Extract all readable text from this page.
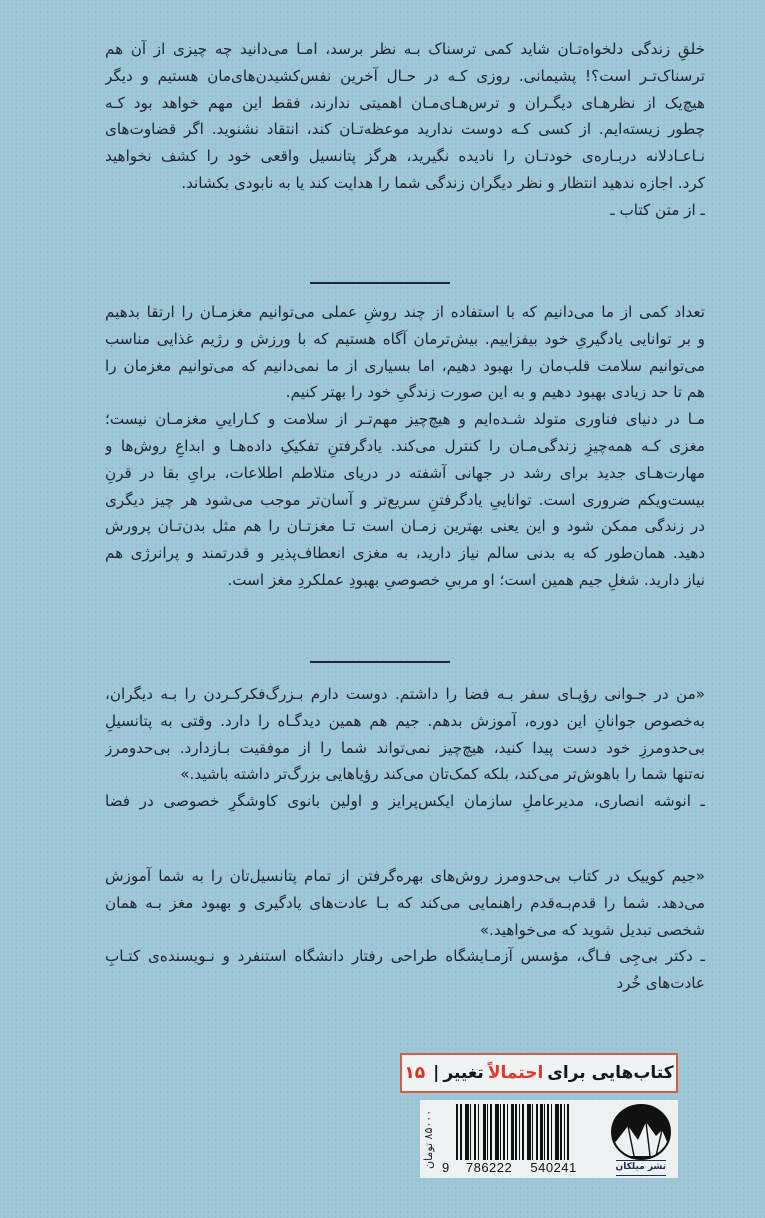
خلقِ زندگی دلخواه‌تـان شاید کمی ترسناک بـه نظر برسد، امـا می‌دانید چه چیزی از آن هم
ترسناک‌تـر است؟! پشیمانی. روزی کـه در حـال آخرین نفس‌کشیدن‌های‌مان هستیم و دیگر
هیچ‌یک از نظرهـای دیگـران و ترس‌هـای‌مـان اهمیتی ندارند، فقط این مهم خواهد بود کـه
چطور زیسته‌ایم. از کسی کـه دوست ندارید موعظه‌تـان کند، انتقاد نشنوید. اگر قضاوت‌های
نـاعـادلانه دربـاره‌ی خودتـان را نادیده نگیرید، هرگز پتانسیل واقعی خود را کشف نخواهید
کرد. اجازه ندهید انتظار و نظر دیگران زندگی شما را هدایت کند یا به نابودی بکشاند.
ـ از متن کتاب ـ
تعداد کمی از ما می‌دانیم که با استفاده از چند روشِ عملی می‌توانیم مغزمـان را ارتقا بدهیم
و بر توانایی یادگیریِ خود بیفزاییم. بیش‌ترمان آگاه هستیم که با ورزش و رژیم غذایی مناسب
می‌توانیم سلامت قلب‌مان را بهبود دهیم، اما بسیاری از ما نمی‌دانیم که می‌توانیم مغزمان را
هم تا حد زیادی بهبود دهیم و به این صورت زندگیِ خود را بهتر کنیم.
مـا در دنیای فناوری متولد شـده‌ایم و هیچ‌چیز مهم‌تـر از سلامت و کـاراییِ مغزمـان نیست؛
مغزی کـه همه‌چیزِ زندگی‌مـان را کنترل می‌کند. یادگرفتنِ تفکیکِ داده‌هـا و ابداعِ روش‌ها و
مهارت‌هـای جدید برای رشد در جهانی آشفته در دریای متلاطم اطلاعات، برایِ بقا در قرنِ
بیست‌ویکم ضروری است. تواناییِ یادگرفتنِ سریع‌تر و آسان‌تر موجب می‌شود هر چیز دیگری
در زندگی ممکن شود و این یعنی بهترین زمـان است تـا مغزتـان را هم مثل بدن‌تـان پرورش
دهید. همان‌طور که به بدنی سالم نیاز دارید، به مغزی انعطاف‌پذیر و قدرتمند و پرانرژی هم
نیاز دارید. شغلِ جیم همین است؛ او مربیِ خصوصیِ بهبودِ عملکردِ مغز است.
«من در جـوانی رؤیـای سفر بـه فضا را داشتم. دوست دارم بـزرگ‌فکرکـردن را بـه دیگران،
به‌خصوص جوانانِ این دوره، آموزش بدهم. جیم هم همین دیدگـاه را دارد. وقتی به پتانسیلِ
بی‌حدومرزِ خود دست پیدا کنید، هیچ‌چیز نمی‌تواند شما را از موفقیت بـازدارد. بی‌حدومرز
نه‌تنها شما را باهوش‌تر می‌کند، بلکه کمک‌تان می‌کند رؤیاهایی بزرگ‌تر داشته باشید.»
ـ انوشه انصاری، مدیرعاملِ سازمان ایکس‌پرایز و اولین بانوی کاوشگرِ خصوصی در فضا
«جیم کوییک در کتاب بی‌حدومرز روش‌های بهره‌گرفتن از تمام پتانسیل‌تان را به شما آموزش
می‌دهد. شما را قدم‌بـه‌قدم راهنمایی می‌کند که بـا عادت‌های یادگیری و بهبود مغز بـه همان
شخصی تبدیل شوید که می‌خواهید.»
ـ دکتر بی‌جِی فـاگ، مؤسس آزمـایشگاه طراحی رفتار دانشگاه استنفرد و نـویسنده‌ی کتـابِ
عادت‌های خُرد
کتاب‌هایی برای
احتمالاً
تغییر
|
۱۵
۸۵۰۰۰ تومان
9 786222 540241	نشر میلکان
